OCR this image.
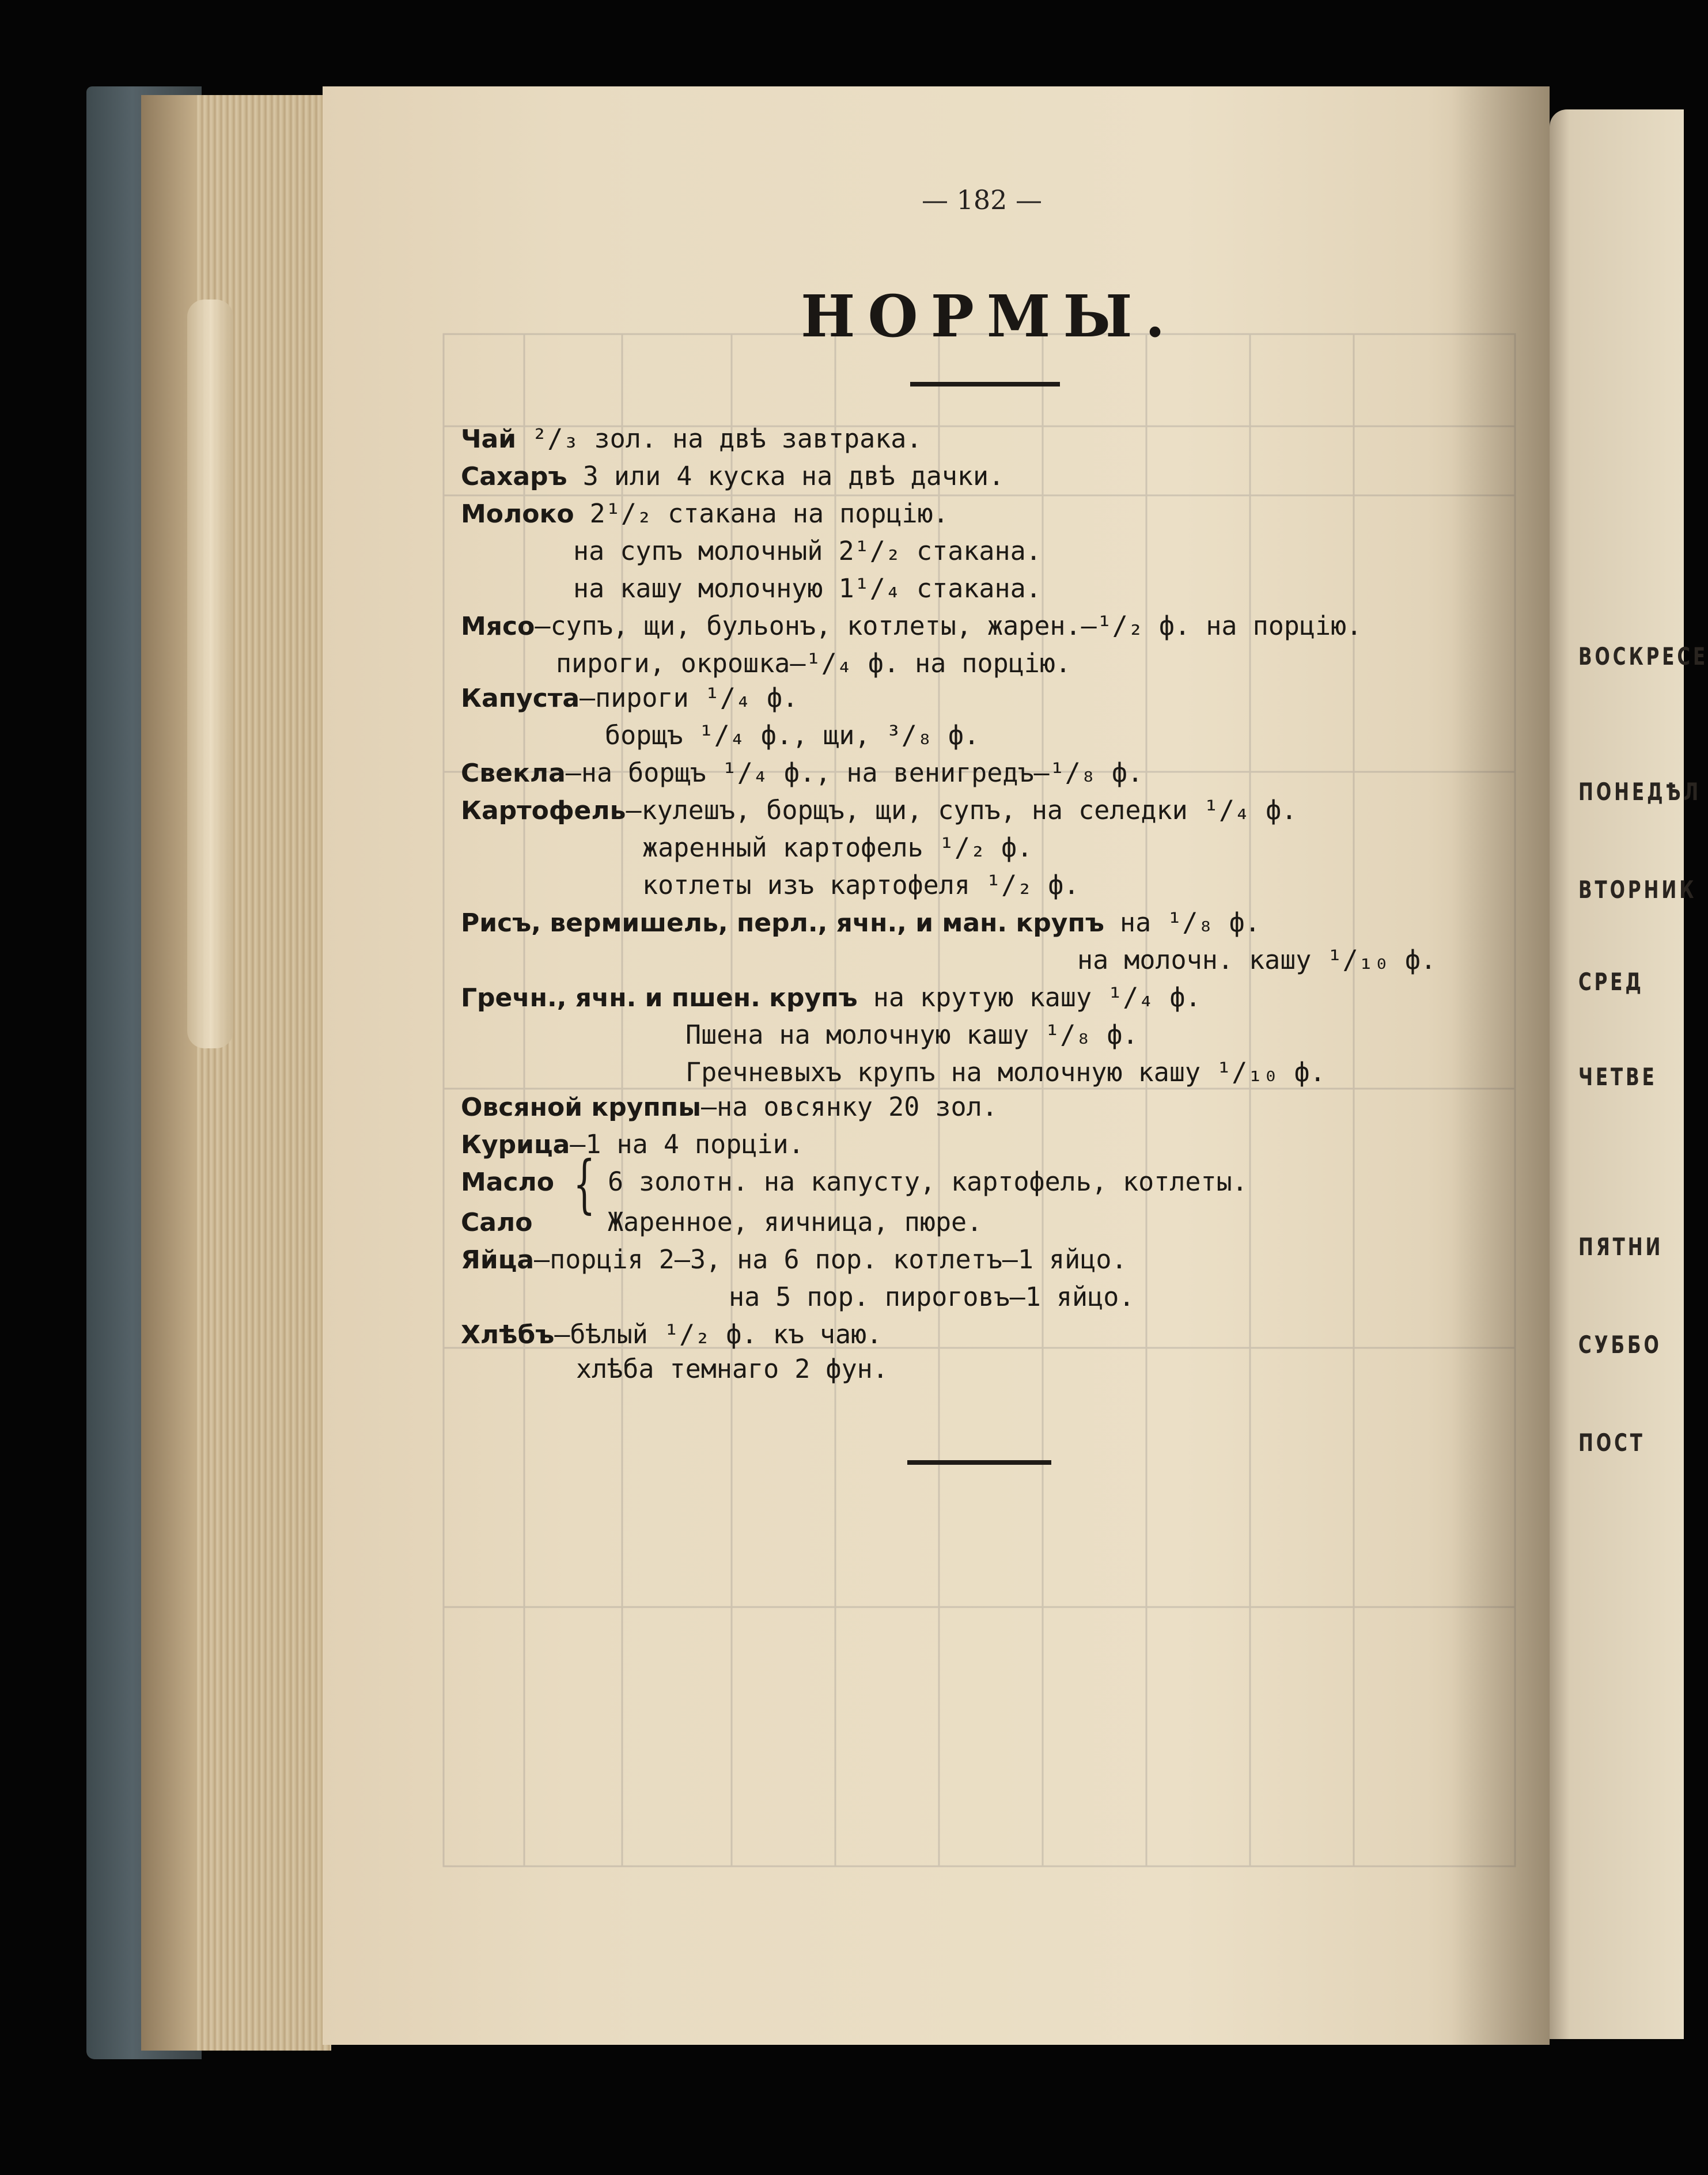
ВОСКРЕСЕ
ПОНЕДѢЛ
ВТОРНИК
СРЕД
ЧЕТВЕ
ПЯТНИ
СУББО
ПОСТ
— 182 —
НОРМЫ.
Чай ²/₃ зол. на двѣ завтрака.
Сахаръ 3 или 4 куска на двѣ дачки.
Молоко 2¹/₂ стакана на порцію.
на супъ молочный 2¹/₂ стакана.
на кашу молочную 1¹/₄ стакана.
Мясо—супъ, щи, бульонъ, котлеты, жарен.—¹/₂ ф. на порцію.
пироги, окрошка—¹/₄ ф. на порцію.
Капуста—пироги ¹/₄ ф.
борщъ ¹/₄ ф., щи, ³/₈ ф.
Свекла—на борщъ ¹/₄ ф., на венигредъ—¹/₈ ф.
Картофель—кулешъ, борщъ, щи, супъ, на селедки ¹/₄ ф.
жаренный картофель ¹/₂ ф.
котлеты изъ картофеля ¹/₂ ф.
Рисъ, вермишель, перл., ячн., и ман. крупъ на ¹/₈ ф.
на молочн. кашу ¹/₁₀ ф.
Гречн., ячн. и пшен. крупъ на крутую кашу ¹/₄ ф.
Пшена на молочную кашу ¹/₈ ф.
Гречневыхъ крупъ на молочную кашу ¹/₁₀ ф.
Овсяной круппы—на овсянку 20 зол.
Курица—1 на 4 порціи.
Масло 6 золотн. на капусту, картофель, котлеты.
{
Сало	Жаренное, яичница, пюре.
Яйца—порція 2—3, на 6 пор. котлетъ—1 яйцо.
на 5 пор. пироговъ—1 яйцо.
Хлѣбъ—бѣлый ¹/₂ ф. къ чаю.
хлѣба темнаго 2 фун.
